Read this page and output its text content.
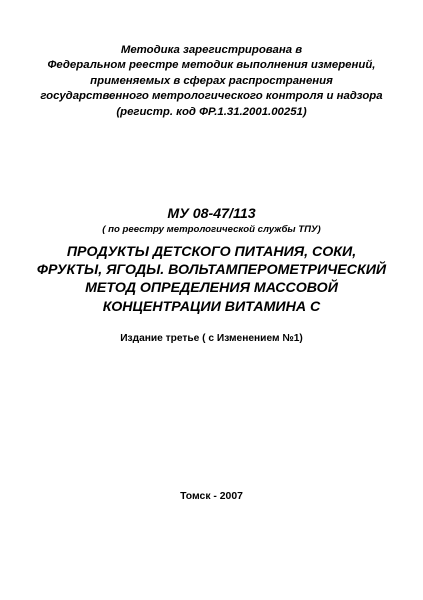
Методика зарегистрирована в
Федеральном реестре методик выполнения измерений,
применяемых в сферах распространения
государственного метрологического контроля и надзора
(регистр. код ФР.1.31.2001.00251)
МУ 08-47/113
( по реестру метрологической службы ТПУ)
ПРОДУКТЫ ДЕТСКОГО ПИТАНИЯ, СОКИ,
ФРУКТЫ, ЯГОДЫ. ВОЛЬТАМПЕРОМЕТРИЧЕСКИЙ
МЕТОД ОПРЕДЕЛЕНИЯ МАССОВОЙ
КОНЦЕНТРАЦИИ ВИТАМИНА С
Издание третье ( с Изменением №1)
Томск - 2007
